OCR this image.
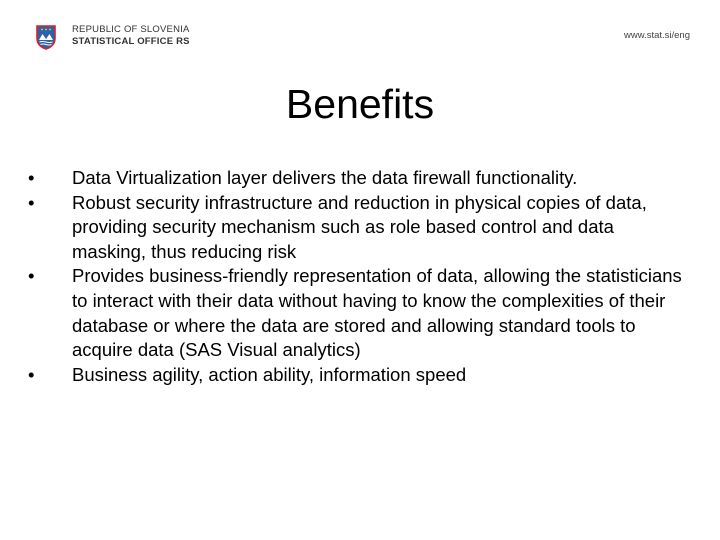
REPUBLIC OF SLOVENIA
STATISTICAL OFFICE RS
www.stat.si/eng
Benefits
• Data Virtualization layer delivers the data firewall functionality.
• Robust security infrastructure and reduction in physical copies of data, providing security mechanism such as role based control and data masking, thus reducing risk
• Provides business-friendly representation of data, allowing the statisticians to interact with their data without having to know the complexities of their database or where the data are stored and allowing standard tools to acquire data (SAS Visual analytics)
• Business agility, action ability, information speed
